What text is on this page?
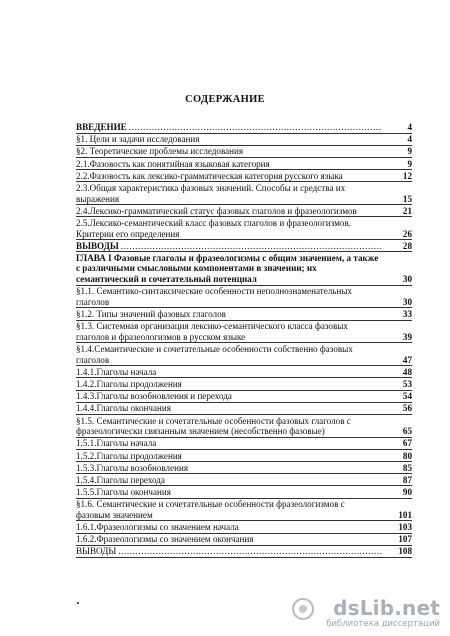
СОДЕРЖАНИЕ
ВВЕДЕНИЕ .....	4
§1. Цели и задачи исследования	4
§2. Теоретические проблемы исследования	9
2.1.Фазовость как понятийная языковая категория	9
2.2.Фазовость как лексико-грамматическая категория русского языка	12
2.3.Общая характеристика фазовых значений. Способы и средства их выражения	15
2.4.Лексико-грамматический статус фазовых глаголов и фразеологизмов	21
2.5.Лексико-семантический класс фазовых глаголов и фразеологизмов. Критерии его определения	26
ВЫВОДЫ .....	28
ГЛАВА I Фазовые глаголы и фразеологизмы с общим значением, а также с различными смысловыми компонентами в значении; их семантический и сочетательный потенциал	30
§1.1. Семантико-синтаксические особенности неполнознаменательных глаголов	30
§1.2. Типы значений фазовых глаголов	33
§1.3. Системная организация лексико-семантического класса фазовых глаголов и фразеологизмов в русском языке	39
§1.4.Семантические и сочетательные особенности собственно фазовых глаголов	47
1.4.1.Глаголы начала	48
1.4.2.Глаголы продолжения	53
1.4.3.Глаголы возобновления и перехода	54
1.4.4.Глаголы окончания	56
§1.5. Семантические и сочетательные особенности фазовых глаголов с фразеологически связанным значением (несобственно фазовые)	65
1.5.1.Глаголы начала	67
1.5.2.Глаголы продолжения	80
1.5.3.Глаголы возобновления	85
1.5.4.Глаголы перехода	87
1.5.5.Глаголы окончания	90
§1.6. Семантические и сочетательные особенности фразеологизмов с фазовым значением	101
1.6.1.Фразеологизмы со значением начала	103
1.6.2.Фразеологизмы со значением окончания	107
ВЫВОДЫ .....	108
dsLib.net
библиотека диссертаций
